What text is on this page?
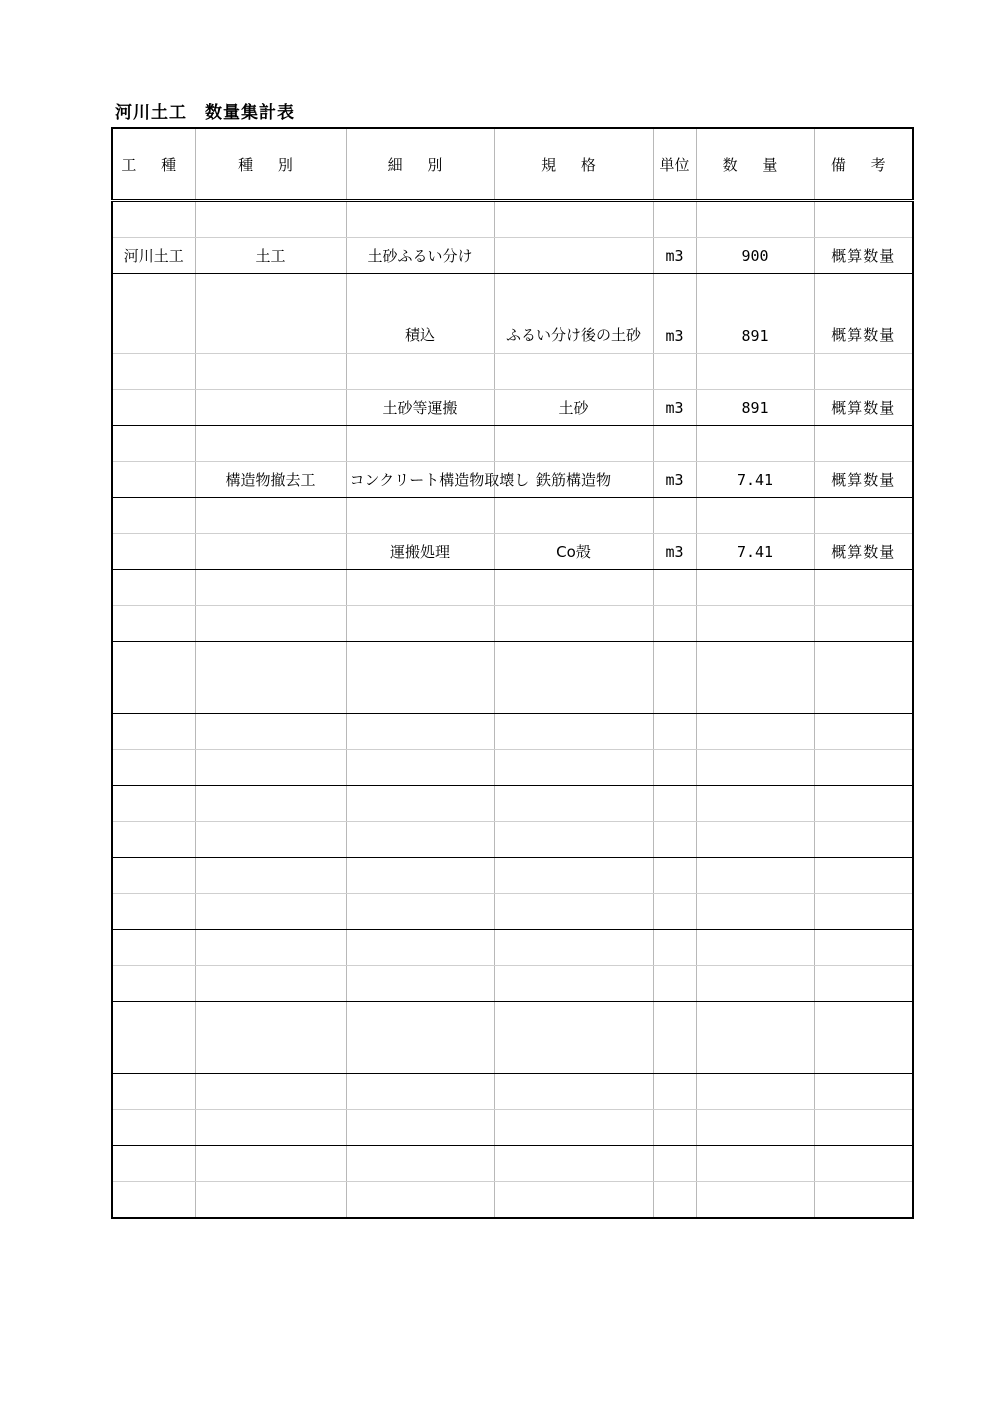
河川土工　数量集計表
工 種	種 別	細 別	規 格	単位	数 量	備 考

河川土工	土工	土砂ふるい分け		m3	900	概算数量
		積込	ふるい分け後の土砂	m3	891	概算数量

		土砂等運搬	土砂	m3	891	概算数量

	構造物撤去工	コンクリート構造物取壊し	鉄筋構造物	m3	7.41	概算数量

		運搬処理	Co殻	m3	7.41	概算数量
